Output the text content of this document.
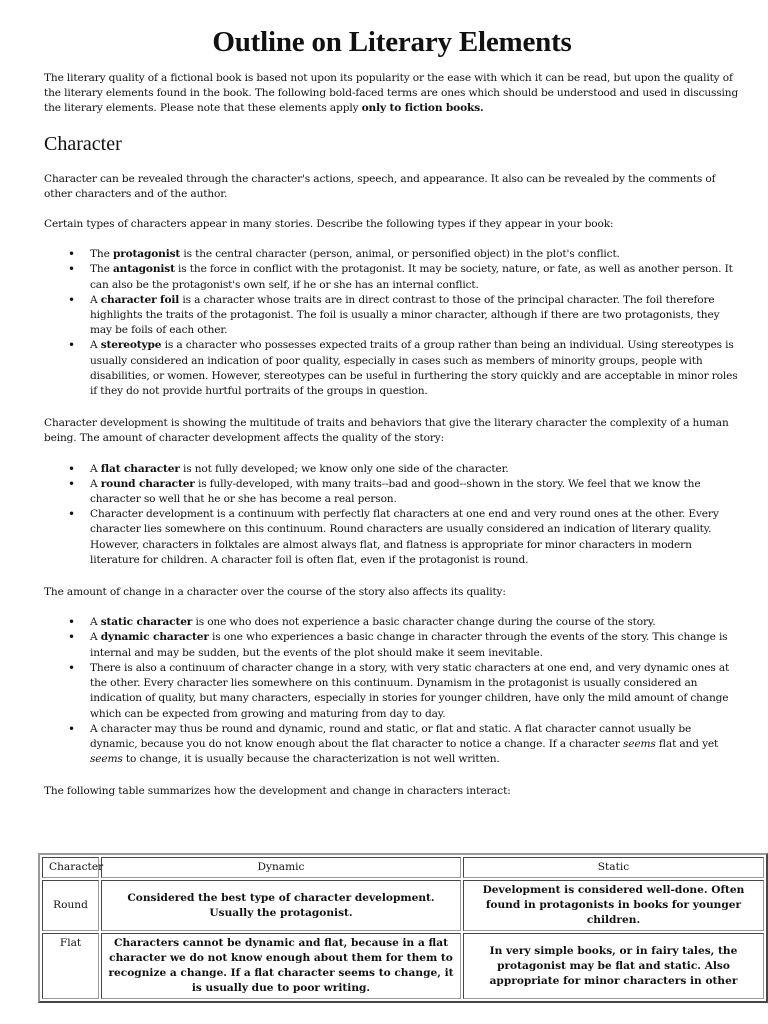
Outline on Literary Elements

The literary quality of a fictional book is based not upon its popularity or the ease with which it can be read, but upon the quality of the literary elements found in the book. The following bold-faced terms are ones which should be understood and used in discussing the literary elements. Please note that these elements apply only to fiction books.

Character

Character can be revealed through the character's actions, speech, and appearance. It also can be revealed by the comments of other characters and of the author.

Certain types of characters appear in many stories. Describe the following types if they appear in your book:

• The protagonist is the central character (person, animal, or personified object) in the plot's conflict.
• The antagonist is the force in conflict with the protagonist. It may be society, nature, or fate, as well as another person. It can also be the protagonist's own self, if he or she has an internal conflict.
• A character foil is a character whose traits are in direct contrast to those of the principal character. The foil therefore highlights the traits of the protagonist. The foil is usually a minor character, although if there are two protagonists, they may be foils of each other.
• A stereotype is a character who possesses expected traits of a group rather than being an individual. Using stereotypes is usually considered an indication of poor quality, especially in cases such as members of minority groups, people with disabilities, or women. However, stereotypes can be useful in furthering the story quickly and are acceptable in minor roles if they do not provide hurtful portraits of the groups in question.

Character development is showing the multitude of traits and behaviors that give the literary character the complexity of a human being. The amount of character development affects the quality of the story:

• A flat character is not fully developed; we know only one side of the character.
• A round character is fully-developed, with many traits--bad and good--shown in the story. We feel that we know the character so well that he or she has become a real person.
• Character development is a continuum with perfectly flat characters at one end and very round ones at the other. Every character lies somewhere on this continuum. Round characters are usually considered an indication of literary quality. However, characters in folktales are almost always flat, and flatness is appropriate for minor characters in modern literature for children. A character foil is often flat, even if the protagonist is round.

The amount of change in a character over the course of the story also affects its quality:

• A static character is one who does not experience a basic character change during the course of the story.
• A dynamic character is one who experiences a basic change in character through the events of the story. This change is internal and may be sudden, but the events of the plot should make it seem inevitable.
• There is also a continuum of character change in a story, with very static characters at one end, and very dynamic ones at the other. Every character lies somewhere on this continuum. Dynamism in the protagonist is usually considered an indication of quality, but many characters, especially in stories for younger children, have only the mild amount of change which can be expected from growing and maturing from day to day.
• A character may thus be round and dynamic, round and static, or flat and static. A flat character cannot usually be dynamic, because you do not know enough about the flat character to notice a change. If a character seems flat and yet seems to change, it is usually because the characterization is not well written.

The following table summarizes how the development and change in characters interact:

Character	Dynamic	Static
Round	Considered the best type of character development. Usually the protagonist.	Development is considered well-done. Often found in protagonists in books for younger children.
Flat	Characters cannot be dynamic and flat, because in a flat character we do not know enough about them for them to recognize a change. If a flat character seems to change, it is usually due to poor writing.	In very simple books, or in fairy tales, the protagonist may be flat and static. Also appropriate for minor characters in other
